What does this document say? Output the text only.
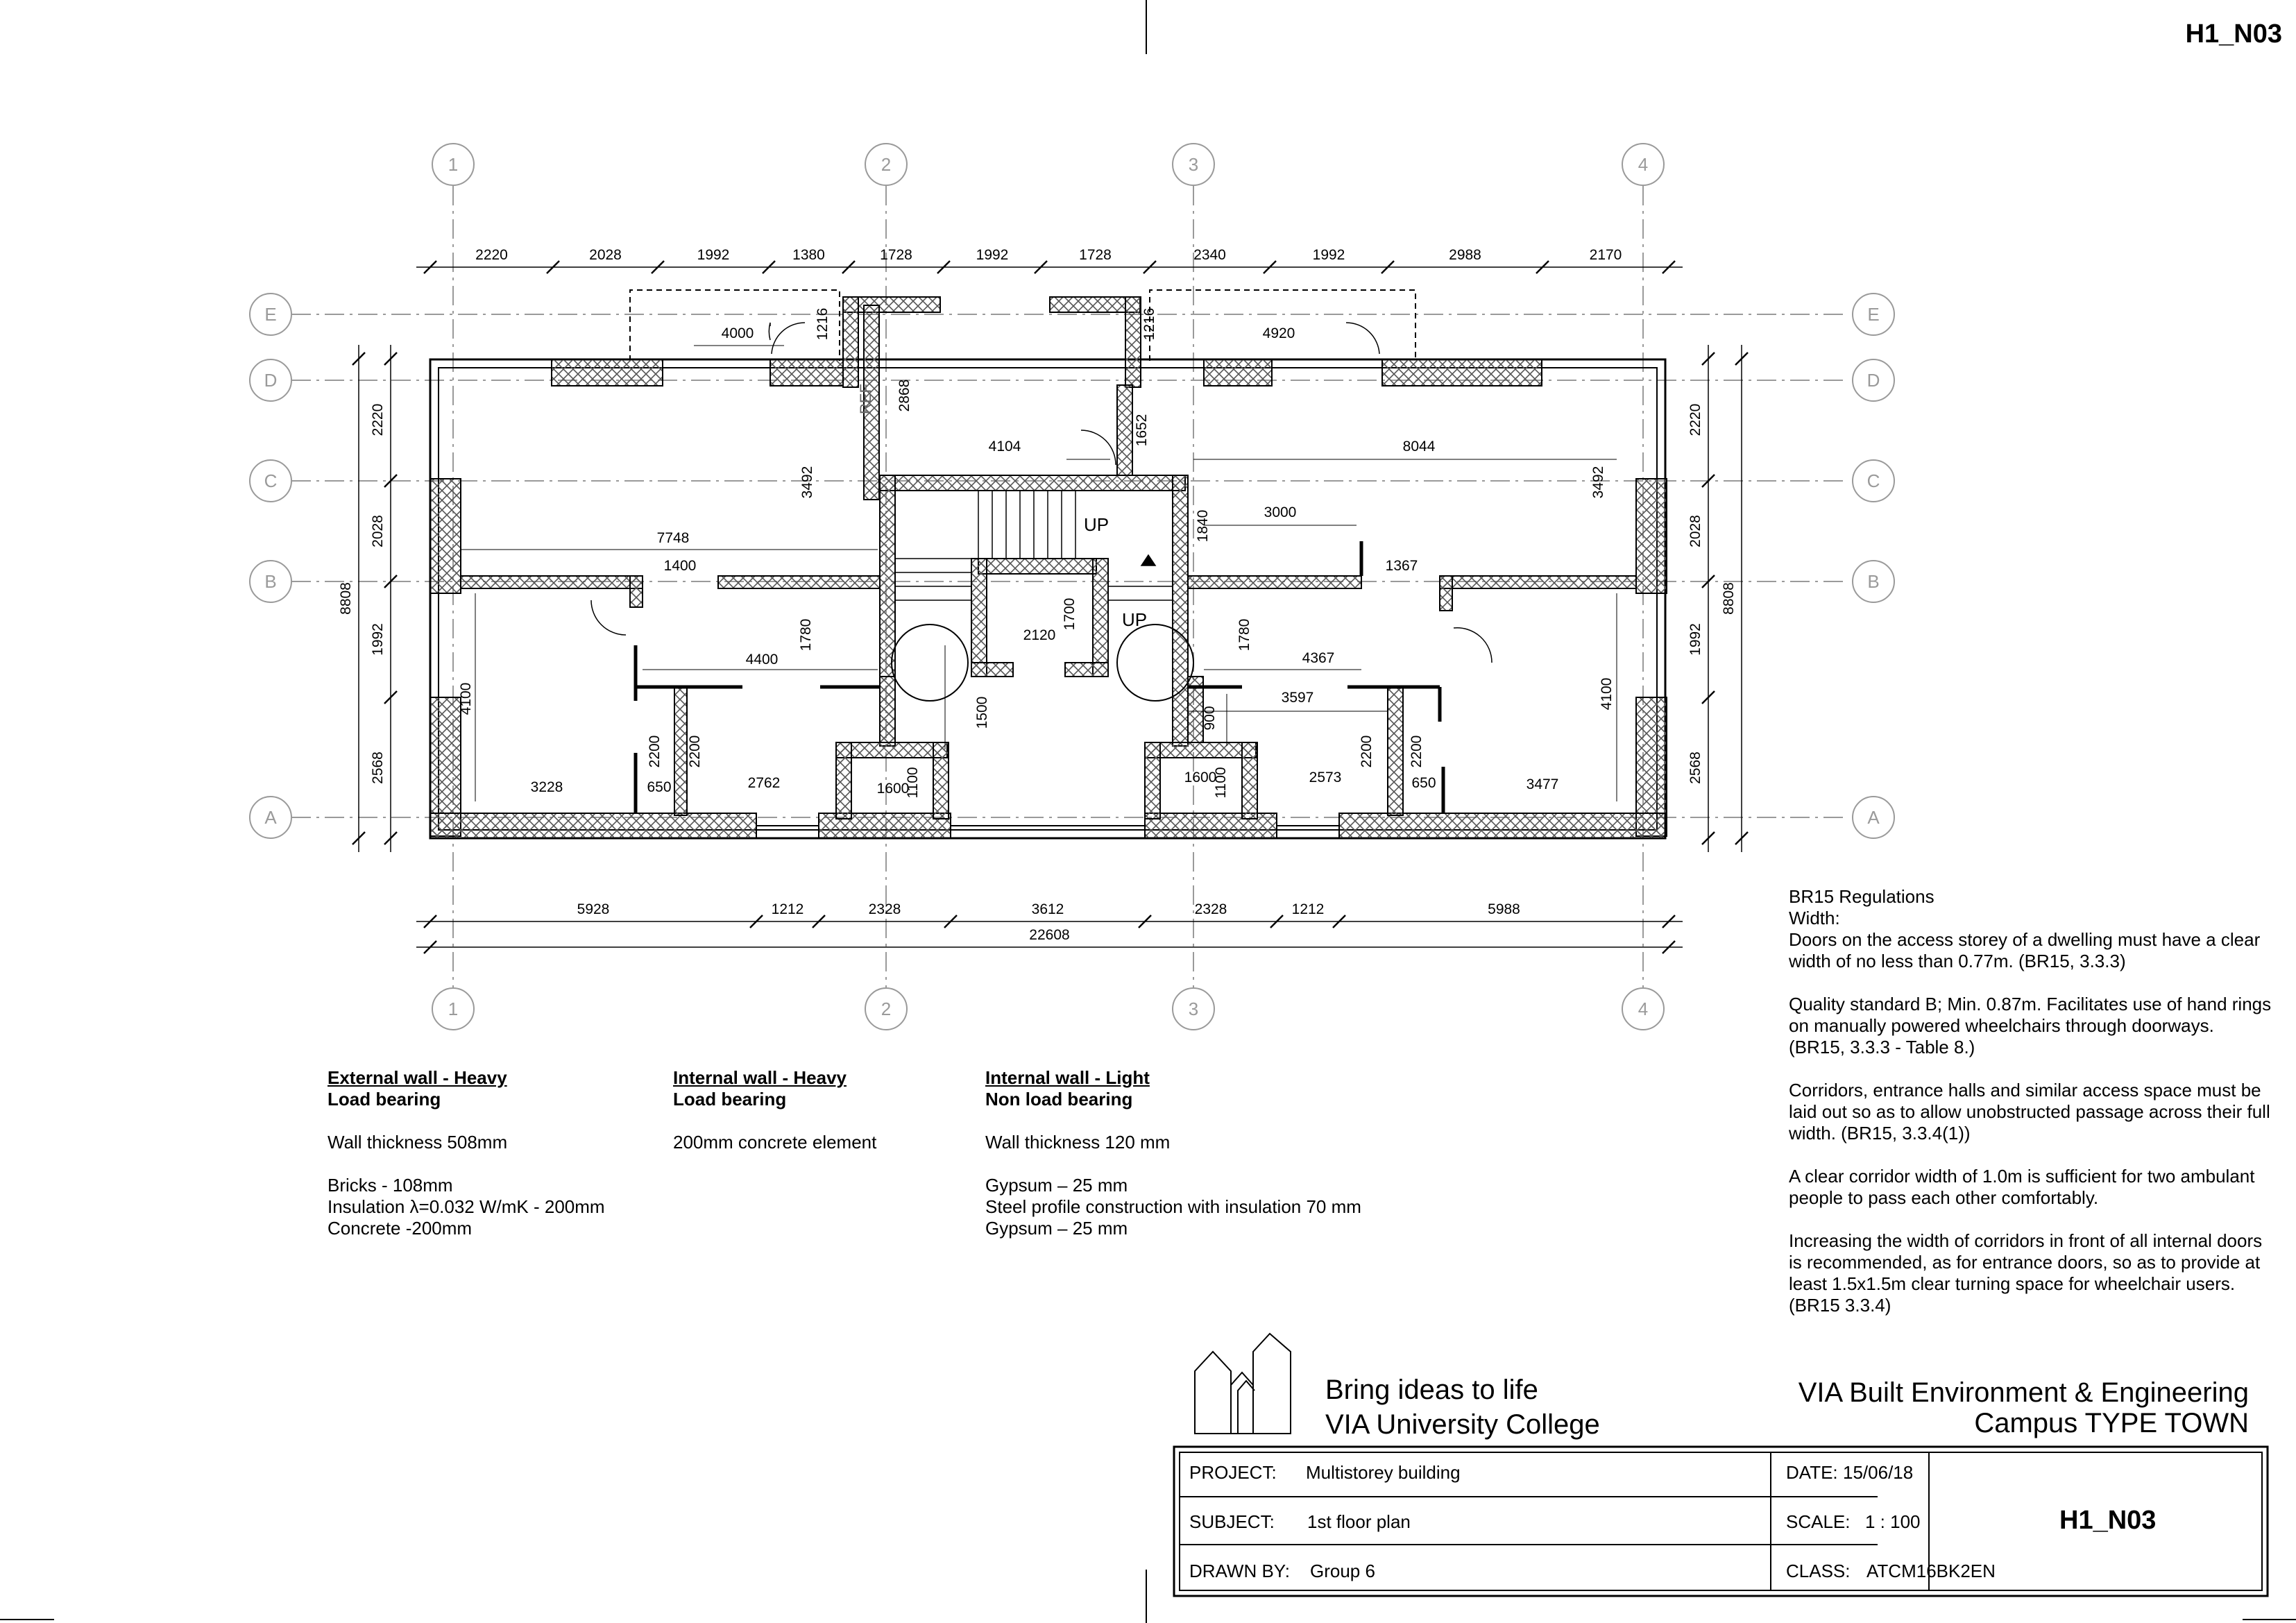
H1_N03
1
1
2
2
3
3
4
4
E	E
D	D
C	C
B	B
A	A
REF
UP
UP
2220	2028	1992	1380	1728	1992	1728	2340	1992	2988	2170
5928	1212	2328	3612	2328	1212	5988
22608
2220
2028
1992
2568
8808
2220
2028
1992
2568
8808
4000	1216	1216	4920
2868
4104
1652
8044
3492	3492
3000
1840
7748
1400	1367
1780
1700
2120	1780
4400	4367
4100	4100
3597
1500	900
2200 2200	2200 2200
3228	650	2762	1600
1100	1600
1100	2573	650	3477
External wall - Heavy
Load bearing
Wall thickness 508mm
Bricks - 108mm
Insulation λ=0.032 W/mK - 200mm
Concrete -200mm
Internal wall - Heavy
Load bearing
200mm concrete element
Internal wall - Light
Non load bearing
Wall thickness 120 mm
Gypsum – 25 mm
Steel profile construction with insulation 70 mm
Gypsum – 25 mm
BR15 Regulations
Width:

Doors on the access storey of a dwelling must have a clear width of no less than 0.77m. (BR15, 3.3.3)

Quality standard B; Min. 0.87m. Facilitates use of hand rings on manually powered wheelchairs through doorways. (BR15, 3.3.3 - Table 8.)

Corridors, entrance halls and similar access space must be laid out so as to allow unobstructed passage across their full width. (BR15, 3.3.4(1))

A clear corridor width of 1.0m is sufficient for two ambulant people to pass each other comfortably.

Increasing the width of corridors in front of all internal doors is recommended, as for entrance doors, so as to provide at least 1.5x1.5m clear turning space for wheelchair users. (BR15 3.3.4)

Bring ideas to life
VIA University College
VIA Built Environment & Engineering
Campus TYPE TOWN
PROJECT: Multistorey building
SUBJECT: 1st floor plan
DRAWN BY: Group 6
DATE: 15/06/18
SCALE: 1 : 100
CLASS: ATCM16BK2EN
H1_N03
